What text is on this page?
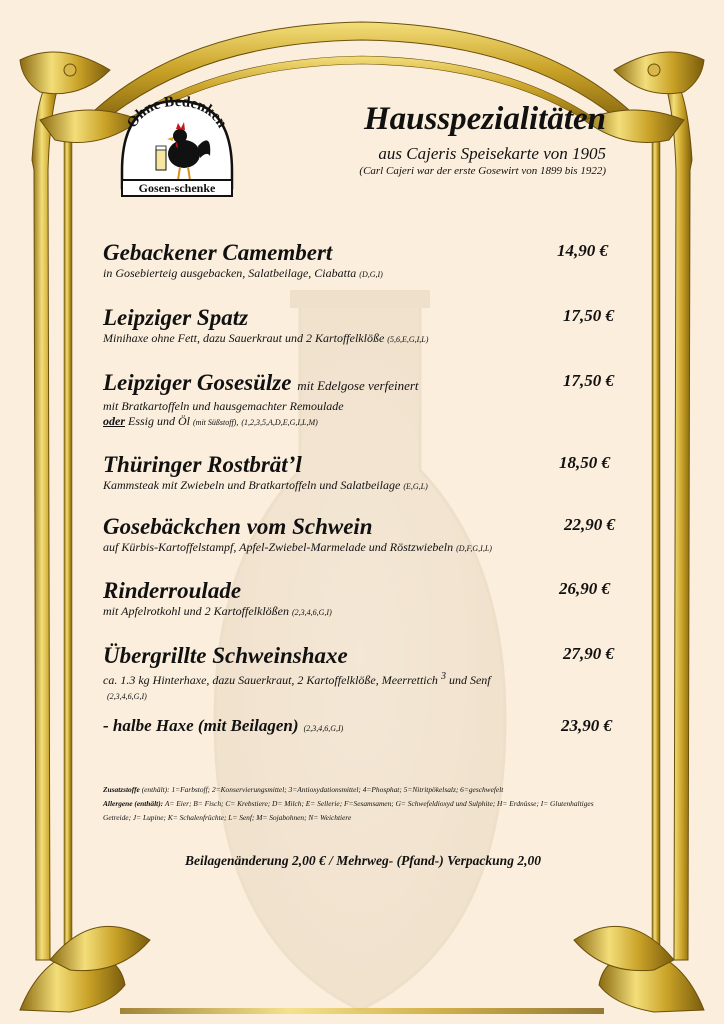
Ohne Bedenken
Gosen-schenke
Hausspezialitäten
aus Cajeris Speisekarte von 1905
(Carl Cajeri war der erste Gosewirt von 1899 bis 1922)
Gebackener Camembert	14,90 €
in Gosebierteig ausgebacken, Salatbeilage, Ciabatta (D,G,I)
Leipziger Spatz	17,50 €
Minihaxe ohne Fett, dazu Sauerkraut und 2 Kartoffelklöße (5,6,E,G,I,L)
Leipziger Gosesülze mit Edelgose verfeinert	17,50 €
mit Bratkartoffeln und hausgemachter Remoulade
oder Essig und Öl (mit Süßstoff), (1,2,3,5,A,D,E,G,I,L,M)
Thüringer Rostbrät’l	18,50 €
Kammsteak mit Zwiebeln und Bratkartoffeln und Salatbeilage (E,G,L)
Gosebäckchen vom Schwein	22,90 €
auf Kürbis-Kartoffelstampf, Apfel-Zwiebel-Marmelade und Röstzwiebeln (D,F,G,I,L)
Rinderroulade	26,90 €
mit Apfelrotkohl und 2 Kartoffelklößen (2,3,4,6,G,I)
Übergrillte Schweinshaxe	27,90 €
ca. 1.3 kg Hinterhaxe, dazu Sauerkraut, 2 Kartoffelklöße, Meerrettich $^3$ und Senf
(2,3,4,6,G,I)
- halbe Haxe (mit Beilagen) (2,3,4,6,G,I)	23,90 €
Zusatzstoffe (enthält): 1=Farbstoff; 2=Konservierungsmittel; 3=Antioxydationsmittel; 4=Phosphat; 5=Nitritpökelsalz; 6=geschwefelt
Allergene (enthält): A= Eier; B= Fisch; C= Krebstiere; D= Milch; E= Sellerie; F=Sesamsamen; G= Schwefeldioxyd und Sulphite; H= Erdnüsse; I= Glutenhaltiges Getreide; J= Lupine; K= Schalenfrüchte; L= Senf; M= Sojabohnen; N= Weichtiere
Beilagenänderung 2,00 € / Mehrweg- (Pfand-) Verpackung 2,00
